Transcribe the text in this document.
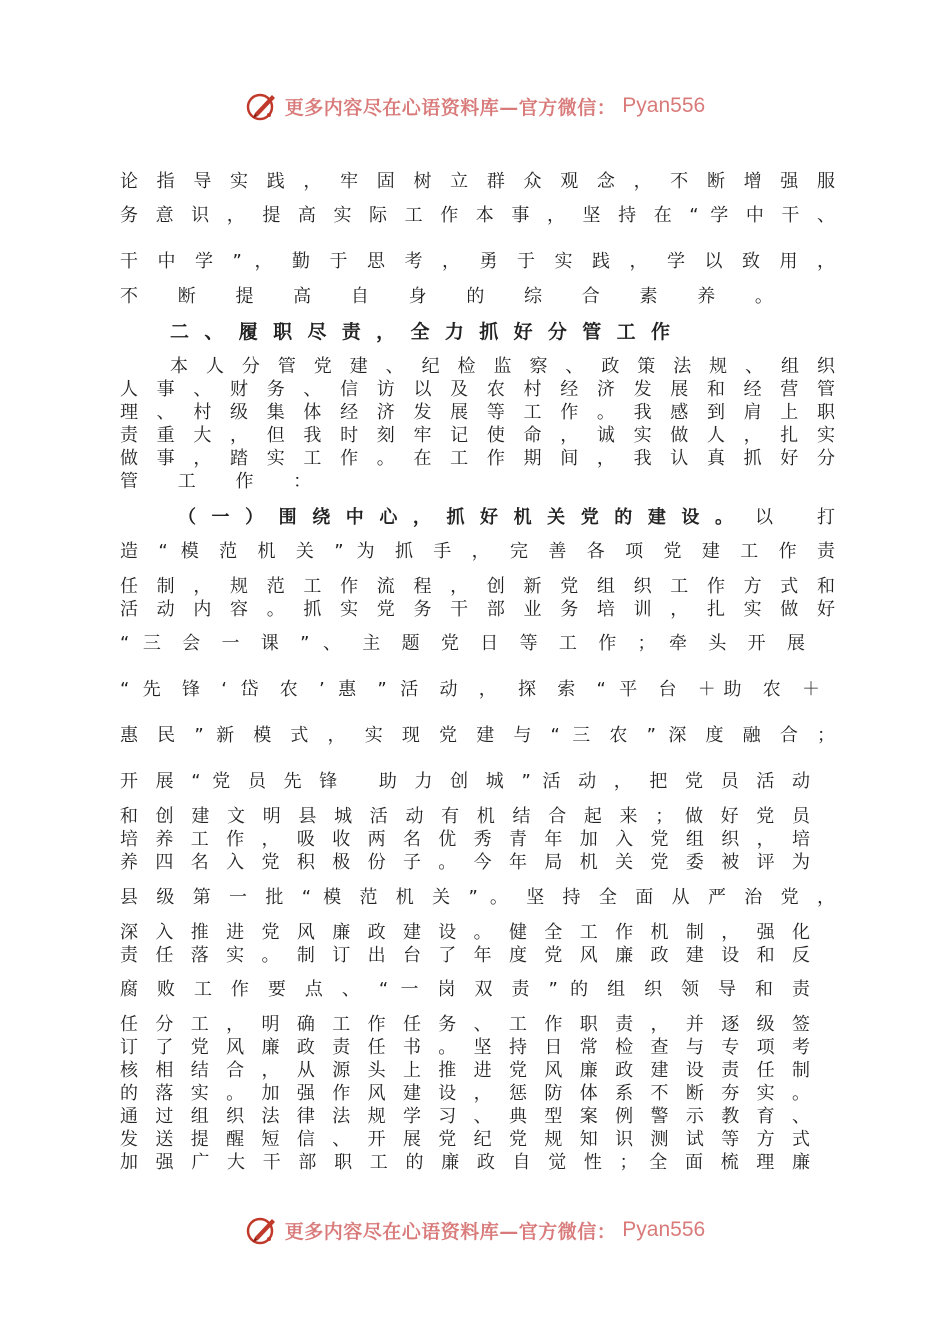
更多内容尽在心语资料库—官方微信： Pyan556
论 指 导 实 践 ， 牢 固 树 立 群 众 观 念 ， 不 断 增 强 服
务 意 识 ， 提 高 实 际 工 作 本 事 ， 坚 持 在 “ 学 中 干 、
干 中 学 ” ， 勤 于 思 考 ， 勇 于 实 践 ， 学 以 致 用 ，
不 断 提 高 自 身 的 综 合 素 养 。
二 、 履 职 尽 责 ， 全 力 抓 好 分 管 工 作
本 人 分 管 党 建 、 纪 检 监 察 、 政 策 法 规 、 组 织
人 事 、 财 务 、 信 访 以 及 农 村 经 济 发 展 和 经 营 管
理 、 村 级 集 体 经 济 发 展 等 工 作 。 我 感 到 肩 上 职
责 重 大 ， 但 我 时 刻 牢 记 使 命 ， 诚 实 做 人 ， 扎 实
做 事 ， 踏 实 工 作 。 在 工 作 期 间 ， 我 认 真 抓 好 分
管 工 作 ：
（ 一 ） 围 绕 中 心 ， 抓 好 机 关 党 的 建 设 。 以 打
造 “ 模 范 机 关 ” 为 抓 手 ， 完 善 各 项 党 建 工 作 责
任 制 ， 规 范 工 作 流 程 ， 创 新 党 组 织 工 作 方 式 和
活 动 内 容 。 抓 实 党 务 干 部 业 务 培 训 ， 扎 实 做 好
“ 三 会 一 课 ” 、 主 题 党 日 等 工 作 ； 牵 头 开 展
“ 先 锋 ‘ 岱 农 ’ 惠 ” 活 动 ， 探 索 “ 平 台 ＋助 农 ＋
惠 民 ” 新 模 式 ， 实 现 党 建 与 “ 三 农 ” 深 度 融 合 ；
开 展 “ 党 员 先 锋 　助 力 创 城 ” 活 动 ， 把 党 员 活 动
和 创 建 文 明 县 城 活 动 有 机 结 合 起 来 ； 做 好 党 员
培 养 工 作 ， 吸 收 两 名 优 秀 青 年 加 入 党 组 织 ， 培
养 四 名 入 党 积 极 份 子 。 今 年 局 机 关 党 委 被 评 为
县 级 第 一 批 “ 模 范 机 关 ” 。 坚 持 全 面 从 严 治 党 ，
深 入 推 进 党 风 廉 政 建 设 。 健 全 工 作 机 制 ， 强 化
责 任 落 实 。 制 订 出 台 了 年 度 党 风 廉 政 建 设 和 反
腐 败 工 作 要 点 、 “ 一 岗 双 责 ” 的 组 织 领 导 和 责
任 分 工 ， 明 确 工 作 任 务 、 工 作 职 责 ， 并 逐 级 签
订 了 党 风 廉 政 责 任 书 。 坚 持 日 常 检 查 与 专 项 考
核 相 结 合 ， 从 源 头 上 推 进 党 风 廉 政 建 设 责 任 制
的 落 实 。 加 强 作 风 建 设 ， 惩 防 体 系 不 断 夯 实 。
通 过 组 织 法 律 法 规 学 习 、 典 型 案 例 警 示 教 育 、
发 送 提 醒 短 信 、 开 展 党 纪 党 规 知 识 测 试 等 方 式
加 强 广 大 干 部 职 工 的 廉 政 自 觉 性 ； 全 面 梳 理 廉
更多内容尽在心语资料库—官方微信： Pyan556
